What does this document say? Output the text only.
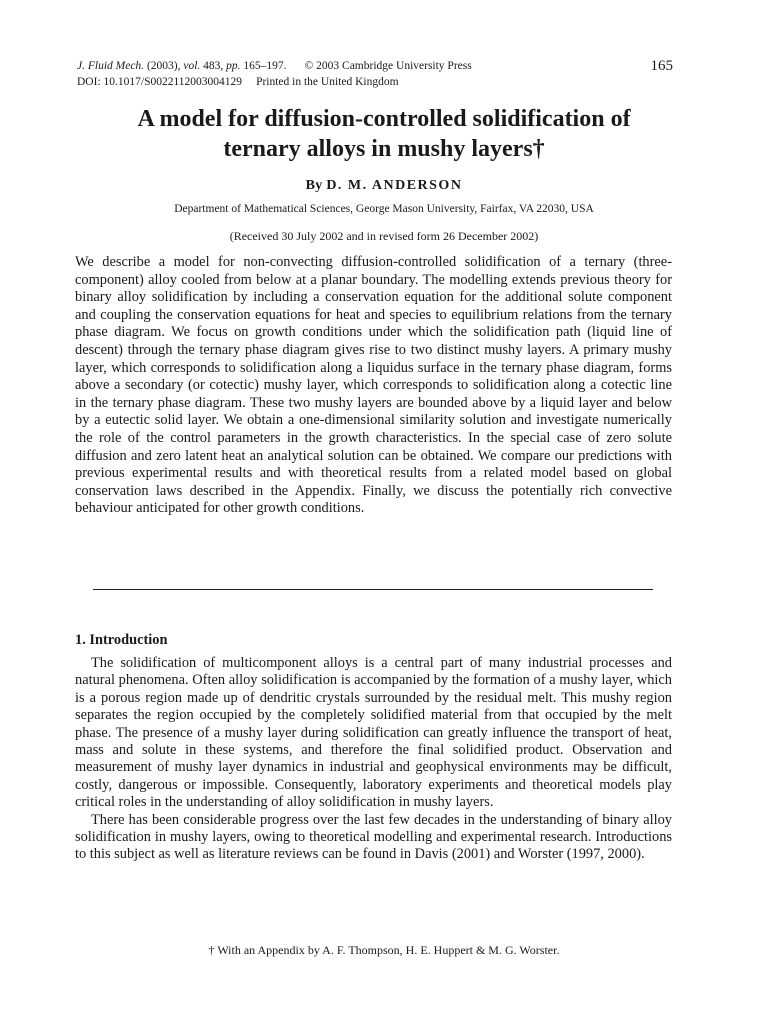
J. Fluid Mech. (2003), vol. 483, pp. 165–197. © 2003 Cambridge University Press
DOI: 10.1017/S0022112003004129 Printed in the United Kingdom
165
A model for diffusion-controlled solidification of
ternary alloys in mushy layers†
By D. M. ANDERSON
Department of Mathematical Sciences, George Mason University, Fairfax, VA 22030, USA
(Received 30 July 2002 and in revised form 26 December 2002)
We describe a model for non-convecting diffusion-controlled solidification of a ternary (three-component) alloy cooled from below at a planar boundary. The modelling extends previous theory for binary alloy solidification by including a conservation equation for the additional solute component and coupling the conservation equations for heat and species to equilibrium relations from the ternary phase diagram. We focus on growth conditions under which the solidification path (liquid line of descent) through the ternary phase diagram gives rise to two distinct mushy layers. A primary mushy layer, which corresponds to solidification along a liquidus surface in the ternary phase diagram, forms above a secondary (or cotectic) mushy layer, which corresponds to solidification along a cotectic line in the ternary phase diagram. These two mushy layers are bounded above by a liquid layer and below by a eutectic solid layer. We obtain a one-dimensional similarity solution and investigate numerically the role of the control parameters in the growth characteristics. In the special case of zero solute diffusion and zero latent heat an analytical solution can be obtained. We compare our predictions with previous experimental results and with theoretical results from a related model based on global conservation laws described in the Appendix. Finally, we discuss the potentially rich convective behaviour anticipated for other growth conditions.
1. Introduction

The solidification of multicomponent alloys is a central part of many industrial processes and natural phenomena. Often alloy solidification is accompanied by the formation of a mushy layer, which is a porous region made up of dendritic crystals surrounded by the residual melt. This mushy region separates the region occupied by the completely solidified material from that occupied by the melt phase. The presence of a mushy layer during solidification can greatly influence the transport of heat, mass and solute in these systems, and therefore the final solidified product. Observation and measurement of mushy layer dynamics in industrial and geophysical environments may be difficult, costly, dangerous or impossible. Consequently, laboratory experiments and theoretical models play critical roles in the understanding of alloy solidification in mushy layers.

There has been considerable progress over the last few decades in the understanding of binary alloy solidification in mushy layers, owing to theoretical modelling and experimental research. Introductions to this subject as well as literature reviews can be found in Davis (2001) and Worster (1997, 2000).

† With an Appendix by A. F. Thompson, H. E. Huppert & M. G. Worster.
